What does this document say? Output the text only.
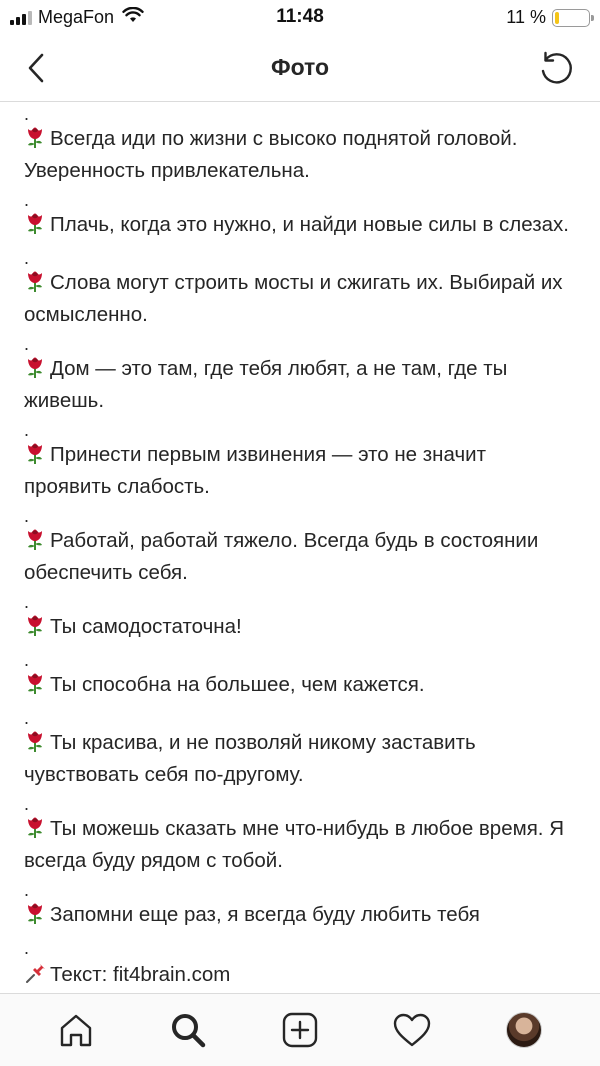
MegaFon	11:48	11 %
Фото
.
Всегда иди по жизни с высоко поднятой головой. Уверенность привлекательна.
.
Плачь, когда это нужно, и найди новые силы в слезах.
.
Слова могут строить мосты и сжигать их. Выбирай их осмысленно.
.
Дом — это там, где тебя любят, а не там, где ты живешь.
.
Принести первым извинения — это не значит проявить слабость.
.
Работай, работай тяжело. Всегда будь в состоянии обеспечить себя.
.
Ты самодостаточна!
.
Ты способна на большее, чем кажется.
.
Ты красива, и не позволяй никому заставить чувствовать себя по-другому.
.
Ты можешь сказать мне что-нибудь в любое время. Я всегда буду рядом с тобой.
.
Запомни еще раз, я всегда буду любить тебя
.
Текст: fit4brain.com
